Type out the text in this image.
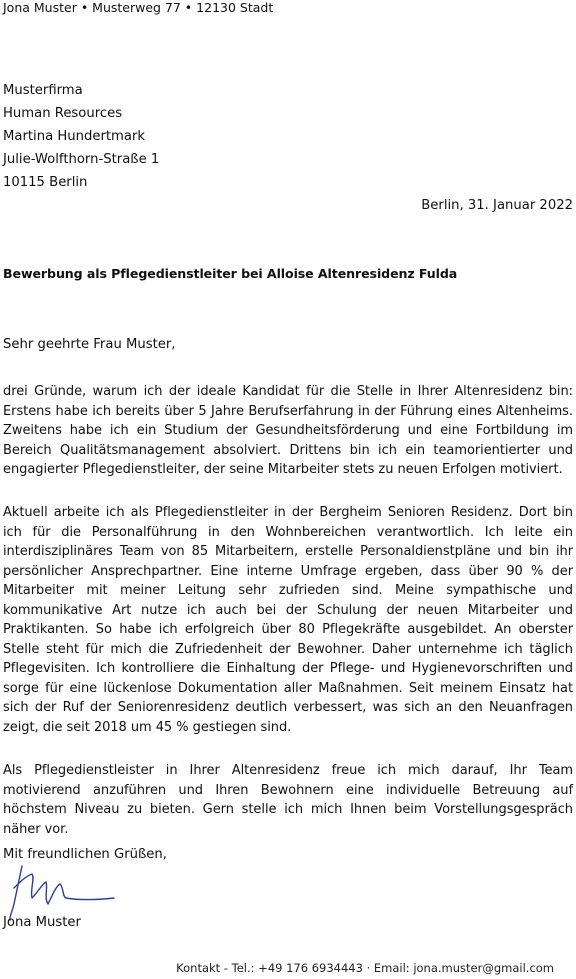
Jona Muster • Musterweg 77 • 12130 Stadt
Musterfirma
Human Resources
Martina Hundertmark
Julie-Wolfthorn-Straße 1
10115 Berlin
Berlin, 31. Januar 2022
Bewerbung als Pflegedienstleiter bei Alloise Altenresidenz Fulda
Sehr geehrte Frau Muster,

drei Gründe, warum ich der ideale Kandidat für die Stelle in Ihrer Altenresidenz bin: Erstens habe ich bereits über 5 Jahre Berufserfahrung in der Führung eines Altenheims. Zweitens habe ich ein Studium der Gesundheitsförderung und eine Fortbildung im Bereich Qualitätsmanagement absolviert. Drittens bin ich ein teamorientierter und engagierter Pflegedienstleiter, der seine Mitarbeiter stets zu neuen Erfolgen motiviert.

Aktuell arbeite ich als Pflegedienstleiter in der Bergheim Senioren Residenz. Dort bin ich für die Personalführung in den Wohnbereichen verantwortlich. Ich leite ein interdisziplinäres Team von 85 Mitarbeitern, erstelle Personaldienstpläne und bin ihr persönlicher Ansprechpartner. Eine interne Umfrage ergeben, dass über 90 % der Mitarbeiter mit meiner Leitung sehr zufrieden sind. Meine sympathische und kommunikative Art nutze ich auch bei der Schulung der neuen Mitarbeiter und Praktikanten. So habe ich erfolgreich über 80 Pflegekräfte ausgebildet. An oberster Stelle steht für mich die Zufriedenheit der Bewohner. Daher unternehme ich täglich Pflegevisiten. Ich kontrolliere die Einhaltung der Pflege- und Hygienevorschriften und sorge für eine lückenlose Dokumentation aller Maßnahmen. Seit meinem Einsatz hat sich der Ruf der Seniorenresidenz deutlich verbessert, was sich an den Neuanfragen zeigt, die seit 2018 um 45 % gestiegen sind.

Als Pflegedienstleister in Ihrer Altenresidenz freue ich mich darauf, Ihr Team motivierend anzuführen und Ihren Bewohnern eine individuelle Betreuung auf höchstem Niveau zu bieten. Gern stelle ich mich Ihnen beim Vorstellungsgespräch näher vor.

Mit freundlichen Grüßen,
Jona Muster
Kontakt - Tel.: +49 176 6934443 · Email: jona.muster@gmail.com
